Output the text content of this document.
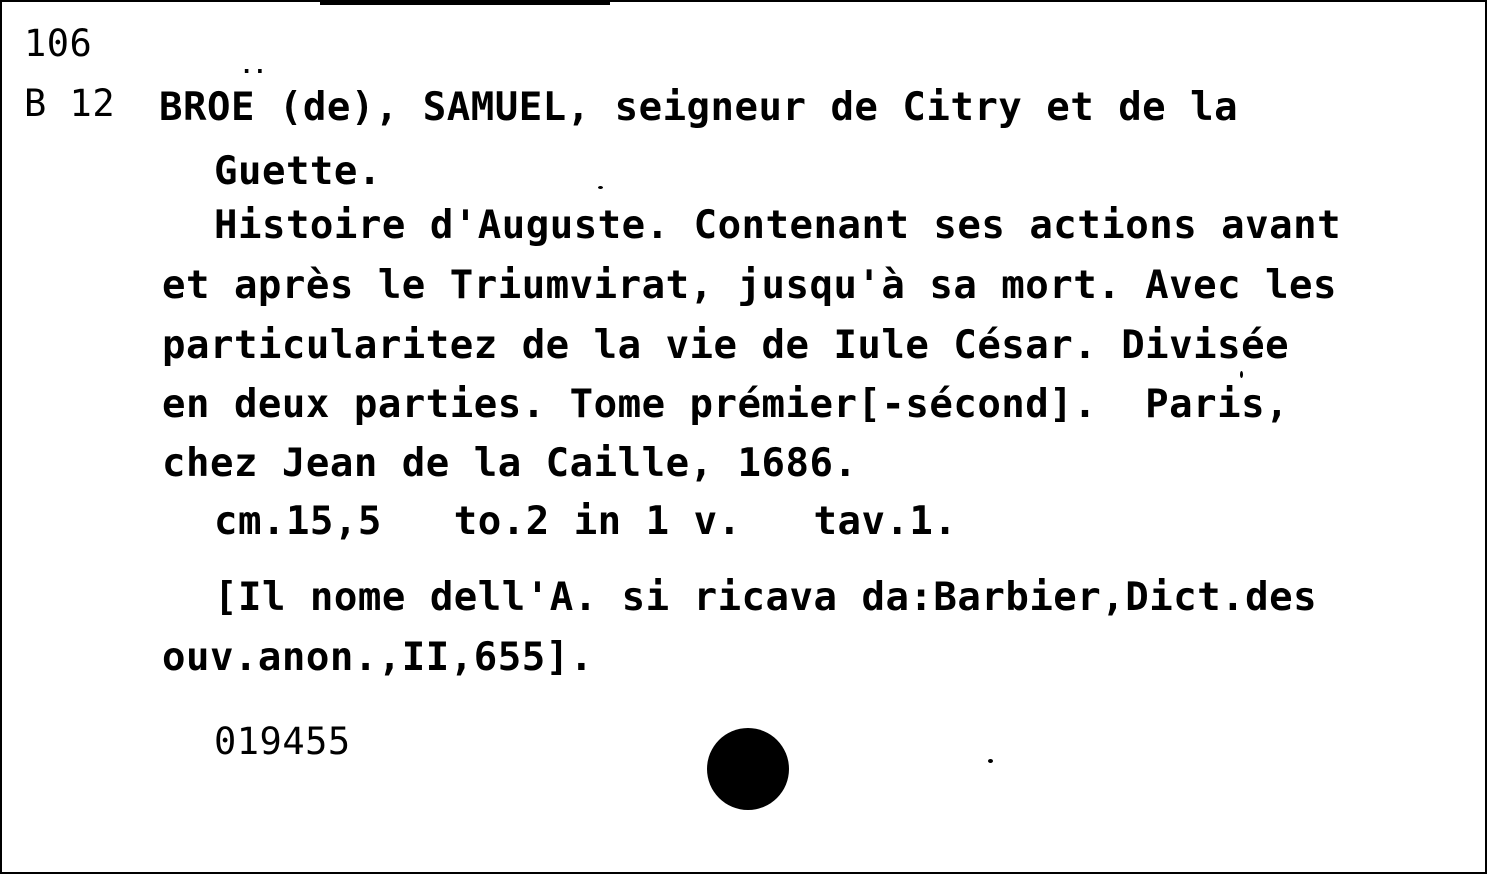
106
B 12
..
BROE (de), SAMUEL, seigneur de Citry et de la
Guette.
Histoire d'Auguste. Contenant ses actions avant
et après le Triumvirat, jusqu'à sa mort. Avec les
particularitez de la vie de Iule César. Divisée
en deux parties. Tome prémier[-sécond].  Paris,
chez Jean de la Caille, 1686.
cm.15,5   to.2 in 1 v.   tav.1.
[Il nome dell'A. si ricava da:Barbier,Dict.des
ouv.anon.,II,655].
019455
